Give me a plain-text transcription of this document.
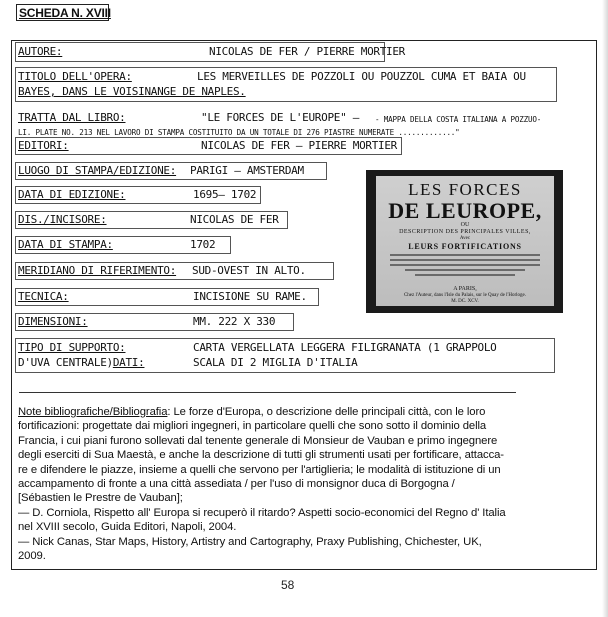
SCHEDA N. XVIII
AUTORE:	NICOLAS DE FER / PIERRE MORTIER
TITOLO DELL'OPERA:	LES MERVEILLES DE POZZOLI OU POUZZOL CUMA ET BAIA OU
BAYES, DANS LE VOISINANGE DE NAPLES.
TRATTA DAL LIBRO:	"LE FORCES DE L'EUROPE" — - MAPPA DELLA COSTA ITALIANA A POZZUO-
LI. PLATE NO. 213 NEL LAVORO DI STAMPA COSTITUITO DA UN TOTALE DI 276 PIASTRE NUMERATE ............."
EDITORI:	NICOLAS DE FER — PIERRE MORTIER
LUOGO DI STAMPA/EDIZIONE: PARIGI — AMSTERDAM
DATA DI EDIZIONE:	1695— 1702
DIS./INCISORE:	NICOLAS DE FER
DATA DI STAMPA:	1702
MERIDIANO DI RIFERIMENTO: SUD-OVEST IN ALTO.
TECNICA:	INCISIONE SU RAME.
DIMENSIONI:	MM. 222 X 330
TIPO DI SUPPORTO:	CARTA VERGELLATA LEGGERA FILIGRANATA (1 GRAPPOLO
D'UVA CENTRALE)DATI:	SCALA DI 2 MIGLIA D'ITALIA
LES FORCES
DE LEUROPE,
OU
DESCRIPTION DES PRINCIPALES VILLES,
Avec
LEURS FORTIFICATIONS
A PARIS,
Chez l'Auteur, dans l'Isle du Palais, sur le Quay de l'Horloge.
M. DC. XCV.
Note bibliografiche/Bibliografia: Le forze d'Europa, o descrizione delle principali città, con le loro
fortificazioni: progettate dai migliori ingegneri, in particolare quelli che sono sotto il dominio della
Francia, i cui piani furono sollevati dal tenente generale di Monsieur de Vauban e primo ingegnere
degli eserciti di Sua Maestà, e anche la descrizione di tutti gli strumenti usati per fortificare, attacca-
re e difendere le piazze, insieme a quelli che servono per l'artiglieria; le modalità di istituzione di un
accampamento di fronte a una città assediata / per l'uso di monsignor duca di Borgogna /
[Sébastien le Prestre de Vauban];
— D. Corniola, Rispetto all' Europa si recuperò il ritardo? Aspetti socio-economici del Regno d' Italia
nel XVIII secolo, Guida Editori, Napoli, 2004.
— Nick Canas, Star Maps, History, Artistry and Cartography, Praxy Publishing, Chichester, UK,
2009.
58
